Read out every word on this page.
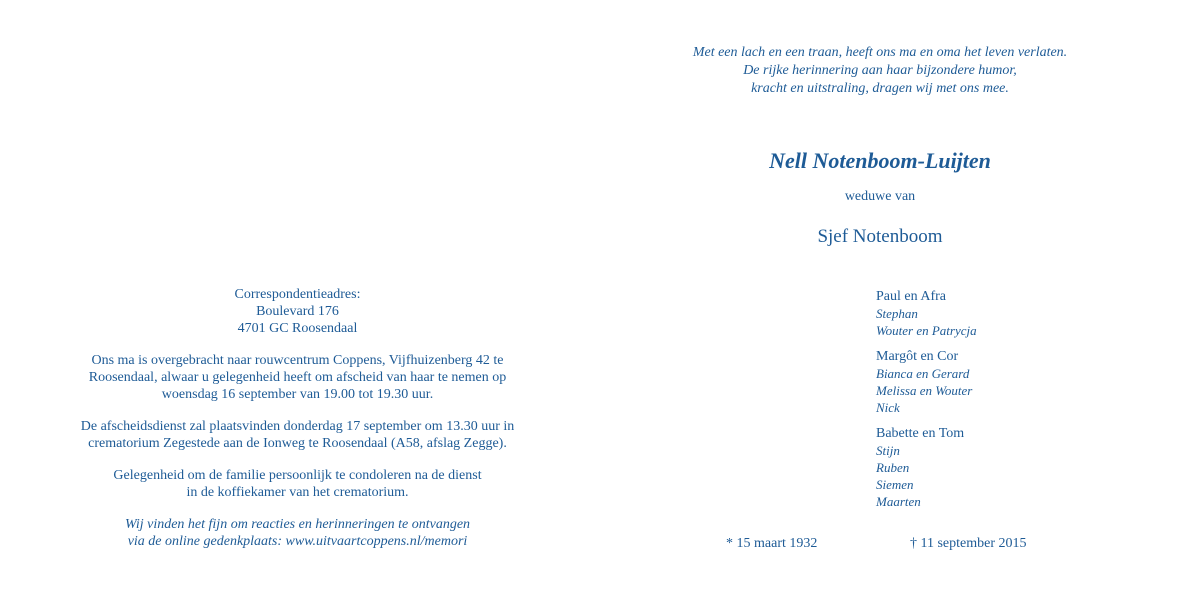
Correspondentieadres:
Boulevard 176
4701 GC Roosendaal
Ons ma is overgebracht naar rouwcentrum Coppens, Vijfhuizenberg 42 te
Roosendaal, alwaar u gelegenheid heeft om afscheid van haar te nemen op
woensdag 16 september van 19.00 tot 19.30 uur.
De afscheidsdienst zal plaatsvinden donderdag 17 september om 13.30 uur in
crematorium Zegestede aan de Ionweg te Roosendaal (A58, afslag Zegge).
Gelegenheid om de familie persoonlijk te condoleren na de dienst
in de koffiekamer van het crematorium.
Wij vinden het fijn om reacties en herinneringen te ontvangen
via de online gedenkplaats: www.uitvaartcoppens.nl/memori
Met een lach en een traan, heeft ons ma en oma het leven verlaten.
De rijke herinnering aan haar bijzondere humor,
kracht en uitstraling, dragen wij met ons mee.
Nell Notenboom-Luijten
weduwe van
Sjef Notenboom
Paul en Afra
Stephan
Wouter en Patrycja
Margôt en Cor
Bianca en Gerard
Melissa en Wouter
Nick
Babette en Tom
Stijn
Ruben
Siemen
Maarten
* 15 maart 1932	† 11 september 2015
